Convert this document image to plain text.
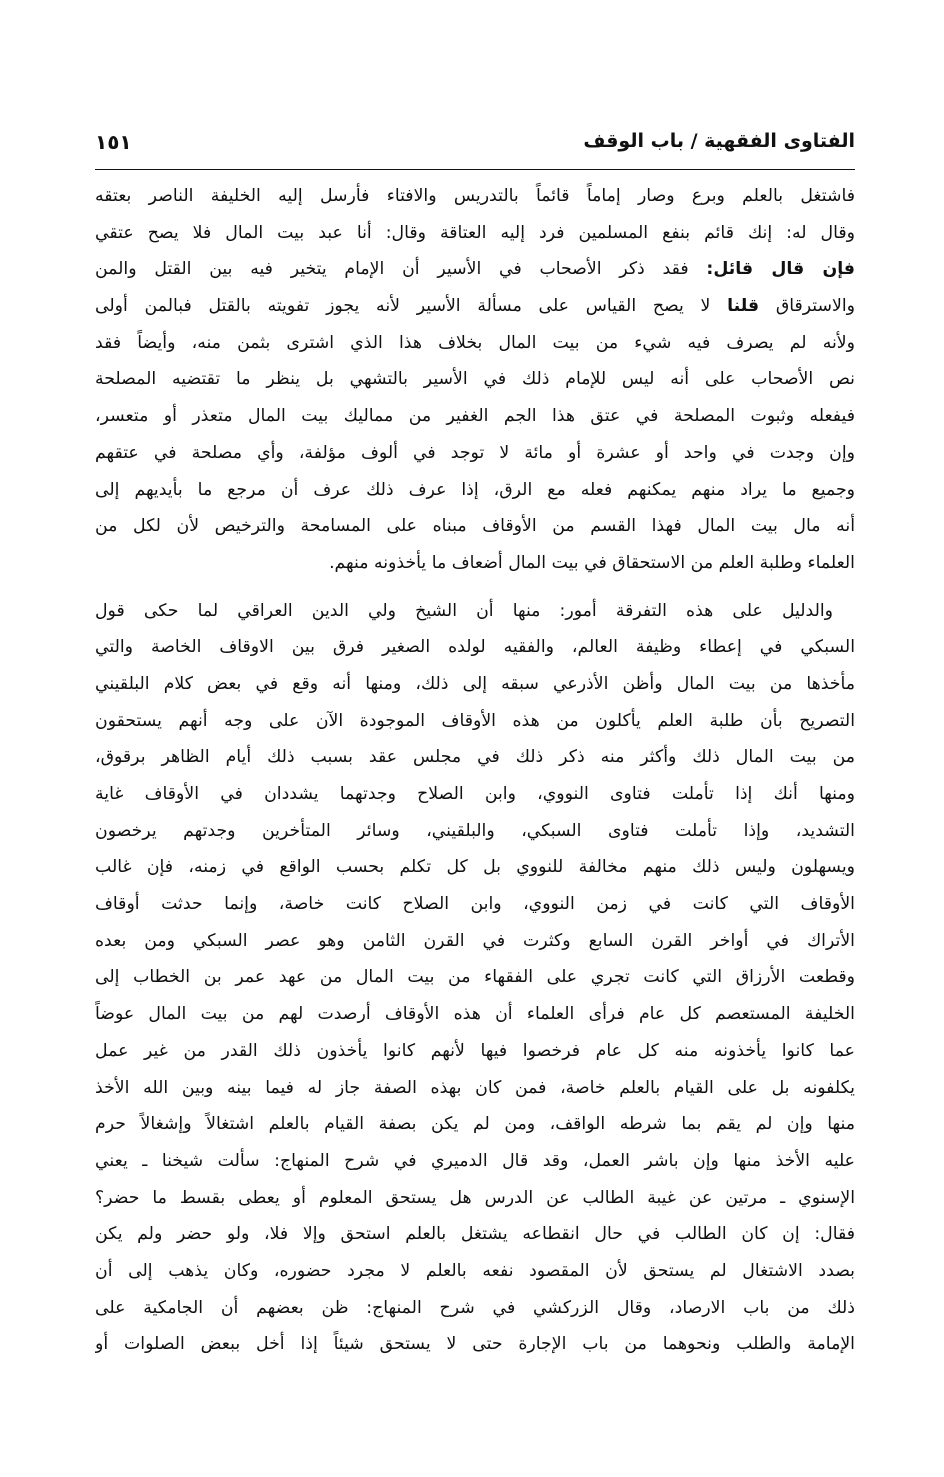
الفتاوى الفقهية / باب الوقف
١٥١

فاشتغل بالعلم وبرع وصار إماماً قائماً بالتدريس والافتاء فأرسل إليه الخليفة الناصر بعتقه
وقال له: إنك قائم بنفع المسلمين فرد إليه العتاقة وقال: أنا عبد بيت المال فلا يصح عتقي
فإن قال قائل: فقد ذكر الأصحاب في الأسير أن الإمام يتخير فيه بين القتل والمن
والاسترقاق قلنا لا يصح القياس على مسألة الأسير لأنه يجوز تفويته بالقتل فبالمن أولى
ولأنه لم يصرف فيه شيء من بيت المال بخلاف هذا الذي اشترى بثمن منه، وأيضاً فقد
نص الأصحاب على أنه ليس للإمام ذلك في الأسير بالتشهي بل ينظر ما تقتضيه المصلحة
فيفعله وثبوت المصلحة في عتق هذا الجم الغفير من مماليك بيت المال متعذر أو متعسر،
وإن وجدت في واحد أو عشرة أو مائة لا توجد في ألوف مؤلفة، وأي مصلحة في عتقهم
وجميع ما يراد منهم يمكنهم فعله مع الرق، إذا عرف ذلك عرف أن مرجع ما بأيديهم إلى
أنه مال بيت المال فهذا القسم من الأوقاف مبناه على المسامحة والترخيص لأن لكل من
العلماء وطلبة العلم من الاستحقاق في بيت المال أضعاف ما يأخذونه منهم.

والدليل على هذه التفرقة أمور: منها أن الشيخ ولي الدين العراقي لما حكى قول
السبكي في إعطاء وظيفة العالم، والفقيه لولده الصغير فرق بين الاوقاف الخاصة والتي
مأخذها من بيت المال وأظن الأذرعي سبقه إلى ذلك، ومنها أنه وقع في بعض كلام البلقيني
التصريح بأن طلبة العلم يأكلون من هذه الأوقاف الموجودة الآن على وجه أنهم يستحقون
من بيت المال ذلك وأكثر منه ذكر ذلك في مجلس عقد بسبب ذلك أيام الظاهر برقوق،
ومنها أنك إذا تأملت فتاوى النووي، وابن الصلاح وجدتهما يشددان في الأوقاف غاية
التشديد، وإذا تأملت فتاوى السبكي، والبلقيني، وسائر المتأخرين وجدتهم يرخصون
ويسهلون وليس ذلك منهم مخالفة للنووي بل كل تكلم بحسب الواقع في زمنه، فإن غالب
الأوقاف التي كانت في زمن النووي، وابن الصلاح كانت خاصة، وإنما حدثت أوقاف
الأتراك في أواخر القرن السابع وكثرت في القرن الثامن وهو عصر السبكي ومن بعده
وقطعت الأرزاق التي كانت تجري على الفقهاء من بيت المال من عهد عمر بن الخطاب إلى
الخليفة المستعصم كل عام فرأى العلماء أن هذه الأوقاف أرصدت لهم من بيت المال عوضاً
عما كانوا يأخذونه منه كل عام فرخصوا فيها لأنهم كانوا يأخذون ذلك القدر من غير عمل
يكلفونه بل على القيام بالعلم خاصة، فمن كان بهذه الصفة جاز له فيما بينه وبين الله الأخذ
منها وإن لم يقم بما شرطه الواقف، ومن لم يكن بصفة القيام بالعلم اشتغالاً وإشغالاً حرم
عليه الأخذ منها وإن باشر العمل، وقد قال الدميري في شرح المنهاج: سألت شيخنا ـ يعني
الإسنوي ـ مرتين عن غيبة الطالب عن الدرس هل يستحق المعلوم أو يعطى بقسط ما حضر؟
فقال: إن كان الطالب في حال انقطاعه يشتغل بالعلم استحق وإلا فلا، ولو حضر ولم يكن
بصدد الاشتغال لم يستحق لأن المقصود نفعه بالعلم لا مجرد حضوره، وكان يذهب إلى أن
ذلك من باب الارصاد، وقال الزركشي في شرح المنهاج: ظن بعضهم أن الجامكية على
الإمامة والطلب ونحوهما من باب الإجارة حتى لا يستحق شيئاً إذا أخل ببعض الصلوات أو
